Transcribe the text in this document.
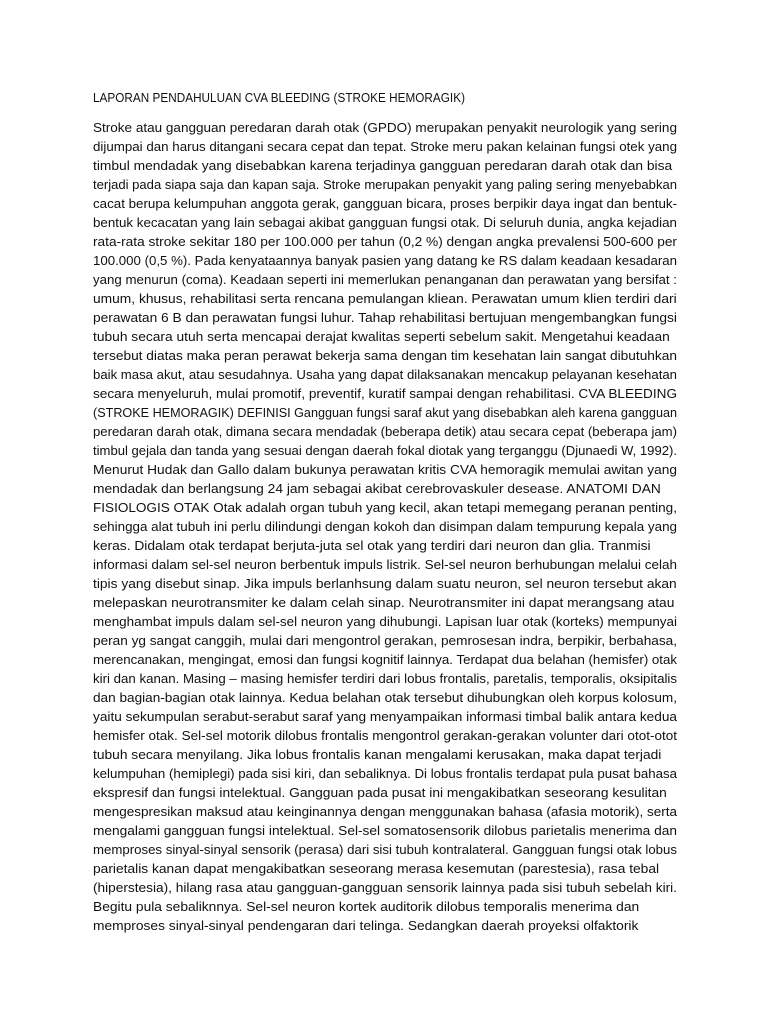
LAPORAN PENDAHULUAN CVA BLEEDING (STROKE HEMORAGIK)
Stroke atau gangguan peredaran darah otak (GPDO) merupakan penyakit neurologik yang sering
dijumpai dan harus ditangani secara cepat dan tepat. Stroke meru pakan kelainan fungsi otek yang
timbul mendadak yang disebabkan karena terjadinya gangguan peredaran darah otak dan bisa
terjadi pada siapa saja dan kapan saja. Stroke merupakan penyakit yang paling sering menyebabkan
cacat berupa kelumpuhan anggota gerak, gangguan bicara, proses berpikir daya ingat dan bentuk-
bentuk kecacatan yang lain sebagai akibat gangguan fungsi otak. Di seluruh dunia, angka kejadian
rata-rata stroke sekitar 180 per 100.000 per tahun (0,2 %) dengan angka prevalensi 500-600 per
100.000 (0,5 %). Pada kenyataannya banyak pasien yang datang ke RS dalam keadaan kesadaran
yang menurun (coma). Keadaan seperti ini memerlukan penanganan dan perawatan yang bersifat :
umum, khusus, rehabilitasi serta rencana pemulangan kliean. Perawatan umum klien terdiri dari
perawatan 6 B dan perawatan fungsi luhur. Tahap rehabilitasi bertujuan mengembangkan fungsi
tubuh secara utuh serta mencapai derajat kwalitas seperti sebelum sakit. Mengetahui keadaan
tersebut diatas maka peran perawat bekerja sama dengan tim kesehatan lain sangat dibutuhkan
baik masa akut, atau sesudahnya. Usaha yang dapat dilaksanakan mencakup pelayanan kesehatan
secara menyeluruh, mulai promotif, preventif, kuratif sampai dengan rehabilitasi. CVA BLEEDING
(STROKE HEMORAGIK) DEFINISI Gangguan fungsi saraf akut yang disebabkan aleh karena gangguan
peredaran darah otak, dimana secara mendadak (beberapa detik) atau secara cepat (beberapa jam)
timbul gejala dan tanda yang sesuai dengan daerah fokal diotak yang terganggu (Djunaedi W, 1992).
Menurut Hudak dan Gallo dalam bukunya perawatan kritis CVA hemoragik memulai awitan yang
mendadak dan berlangsung 24 jam sebagai akibat cerebrovaskuler desease. ANATOMI DAN
FISIOLOGIS OTAK Otak adalah organ tubuh yang kecil, akan tetapi memegang peranan penting,
sehingga alat tubuh ini perlu dilindungi dengan kokoh dan disimpan dalam tempurung kepala yang
keras. Didalam otak terdapat berjuta-juta sel otak yang terdiri dari neuron dan glia. Tranmisi
informasi dalam sel-sel neuron berbentuk impuls listrik. Sel-sel neuron berhubungan melalui celah
tipis yang disebut sinap. Jika impuls berlanhsung dalam suatu neuron, sel neuron tersebut akan
melepaskan neurotransmiter ke dalam celah sinap. Neurotransmiter ini dapat merangsang atau
menghambat impuls dalam sel-sel neuron yang dihubungi. Lapisan luar otak (korteks) mempunyai
peran yg sangat canggih, mulai dari mengontrol gerakan, pemrosesan indra, berpikir, berbahasa,
merencanakan, mengingat, emosi dan fungsi kognitif lainnya. Terdapat dua belahan (hemisfer) otak
kiri dan kanan. Masing – masing hemisfer terdiri dari lobus frontalis, paretalis, temporalis, oksipitalis
dan bagian-bagian otak lainnya. Kedua belahan otak tersebut dihubungkan oleh korpus kolosum,
yaitu sekumpulan serabut-serabut saraf yang menyampaikan informasi timbal balik antara kedua
hemisfer otak. Sel-sel motorik dilobus frontalis mengontrol gerakan-gerakan volunter dari otot-otot
tubuh secara menyilang. Jika lobus frontalis kanan mengalami kerusakan, maka dapat terjadi
kelumpuhan (hemiplegi) pada sisi kiri, dan sebaliknya. Di lobus frontalis terdapat pula pusat bahasa
ekspresif dan fungsi intelektual. Gangguan pada pusat ini mengakibatkan seseorang kesulitan
mengespresikan maksud atau keinginannya dengan menggunakan bahasa (afasia motorik), serta
mengalami gangguan fungsi intelektual. Sel-sel somatosensorik dilobus parietalis menerima dan
memproses sinyal-sinyal sensorik (perasa) dari sisi tubuh kontralateral. Gangguan fungsi otak lobus
parietalis kanan dapat mengakibatkan seseorang merasa kesemutan (parestesia), rasa tebal
(hiperstesia), hilang rasa atau gangguan-gangguan sensorik lainnya pada sisi tubuh sebelah kiri.
Begitu pula sebaliknnya. Sel-sel neuron kortek auditorik dilobus temporalis menerima dan
memproses sinyal-sinyal pendengaran dari telinga. Sedangkan daerah proyeksi olfaktorik
